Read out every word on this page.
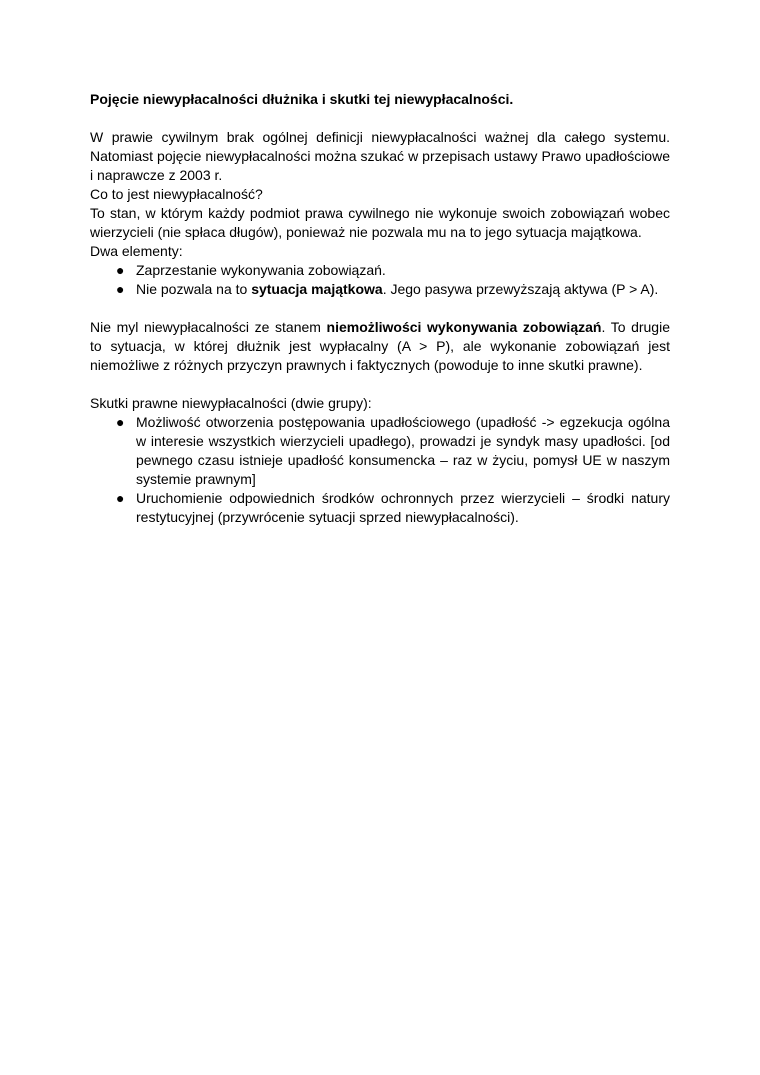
Pojęcie niewypłacalności dłużnika i skutki tej niewypłacalności.

W prawie cywilnym brak ogólnej definicji niewypłacalności ważnej dla całego systemu. Natomiast pojęcie niewypłacalności można szukać w przepisach ustawy Prawo upadłościowe i naprawcze z 2003 r.

Co to jest niewypłacalność?

To stan, w którym każdy podmiot prawa cywilnego nie wykonuje swoich zobowiązań wobec wierzycieli (nie spłaca długów), ponieważ nie pozwala mu na to jego sytuacja majątkowa.

Dwa elementy:

● Zaprzestanie wykonywania zobowiązań.
● Nie pozwala na to sytuacja majątkowa. Jego pasywa przewyższają aktywa (P > A).

Nie myl niewypłacalności ze stanem niemożliwości wykonywania zobowiązań. To drugie to sytuacja, w której dłużnik jest wypłacalny (A > P), ale wykonanie zobowiązań jest niemożliwe z różnych przyczyn prawnych i faktycznych (powoduje to inne skutki prawne).

Skutki prawne niewypłacalności (dwie grupy):

● Możliwość otworzenia postępowania upadłościowego (upadłość -> egzekucja ogólna w interesie wszystkich wierzycieli upadłego), prowadzi je syndyk masy upadłości. [od pewnego czasu istnieje upadłość konsumencka – raz w życiu, pomysł UE w naszym systemie prawnym]
● Uruchomienie odpowiednich środków ochronnych przez wierzycieli – środki natury restytucyjnej (przywrócenie sytuacji sprzed niewypłacalności).
